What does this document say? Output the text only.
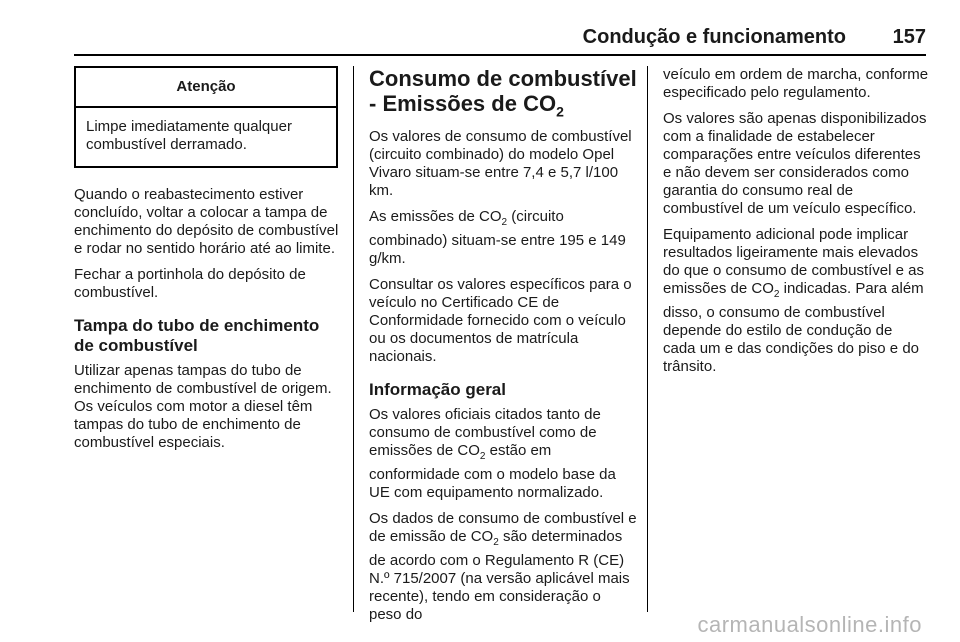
Condução e funcionamento 157
Atenção
Limpe imediatamente qualquer combustível derramado.

Quando o reabastecimento estiver concluído, voltar a colocar a tampa de enchimento do depósito de combustível e rodar no sentido horário até ao limite.

Fechar a portinhola do depósito de combustível.

Tampa do tubo de enchimento de combustível

Utilizar apenas tampas do tubo de enchimento de combustível de origem. Os veículos com motor a diesel têm tampas do tubo de enchimento de combustível especiais.

Consumo de combustível - Emissões de $CO_2$

Os valores de consumo de combustível (circuito combinado) do modelo Opel Vivaro situam-se entre 7,4 e 5,7 l/100 km.

As emissões de $CO_2$ (circuito combinado) situam-se entre 195 e 149 g/km.

Consultar os valores específicos para o veículo no Certificado CE de Conformidade fornecido com o veículo ou os documentos de matrícula nacionais.

Informação geral

Os valores oficiais citados tanto de consumo de combustível como de emissões de $CO_2$ estão em conformidade com o modelo base da UE com equipamento normalizado.

Os dados de consumo de combustível e de emissão de $CO_2$ são determinados de acordo com o Regulamento R (CE) N.º 715/2007 (na versão aplicável mais recente), tendo em consideração o peso do

veículo em ordem de marcha, conforme especificado pelo regulamento.

Os valores são apenas disponibilizados com a finalidade de estabelecer comparações entre veículos diferentes e não devem ser considerados como garantia do consumo real de combustível de um veículo específico.

Equipamento adicional pode implicar resultados ligeiramente mais elevados do que o consumo de combustível e as emissões de $CO_2$ indicadas. Para além disso, o consumo de combustível depende do estilo de condução de cada um e das condições do piso e do trânsito.

carmanualsonline.info
